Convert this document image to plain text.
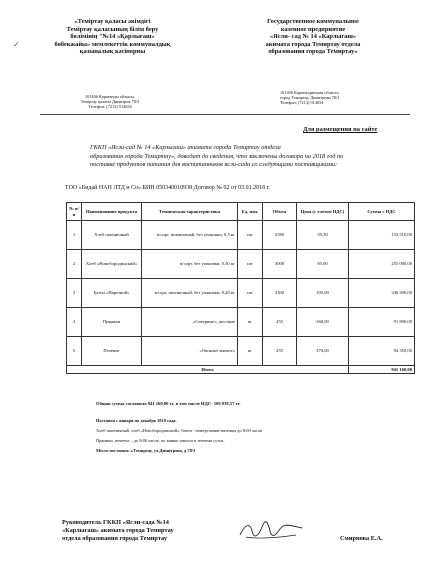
«Теміртау қаласы әкімдігі
Теміртау қаласының білім беру
бөлімінің "№14 «Қарлығаш»
бөбекжайы» мемлекеттік коммуналдық
қазыналық кәсіпорны
Государственное коммунальное
казенное предприятие
«Ясли- сад № 14 «Карлыгаш»
акимата города Темиртау отдела
образования города Темиртау»
✓
101406 Қарағанды облысы,
Теміртау қаласы Димитров 78/3
Телефон: (7213) 914654
101406 Карагандинская область,
город Темиртау, Димитрова 78/3
Телефон: (7213) 914654
Для размещения на сайте
ГККП «Ясли-сад № 14 «Карлыгаш» акимата города Темиртау отдела
образования города Темиртау», доводит до сведения, что заключены договора на 2018 год по
поставке продуктов питания для воспитанников ясли-сада со следующими поставщиками:
ТОО «Бидай НАН ЛТД и Со» БИН 050340010938 Договор № 02 от 03.01.2018 г.
№ п/п	Наименование продукта	Техническая характеристика	Ед. изм.	Объем	Цена (с учетом НДС)	Сумма с НДС
1	Хлеб пшеничный	в/сорт, пшеничный, без упаковки, 0,5 кг	шт	2580	59,50	153 510,00
2	Хлеб «Новобородинский»	в/сорт, без упаковки, 0,50 кг	шт	3000	85,00	255 000,00
3	Батон «Нарезной»	в/сорт, пшеничный, без упаковки, 0,40 кг	шт	3300	105,00	346 500,00
4	Пряники	«Северные», весовые	кг	255	360,00	91 800,00
5	Печенье	«Овсяное мягкое»	кг	255	370,00	94 350,00
Итого						941 160,00
Общая сумма составила 941 160,00 тг, в том числе НДС- 100 838,57 тг.
Поставка с января по декабрь 2018 года.
Хлеб пшеничный, хлеб «Новобородинский», батон - понедельник-пятница до 8:00 часов
Пряники, печенье – до 8:00 часов, по заявке завхоза в течении суток.
Место поставки: г.Темиртау, ул.Димитрова, д.78/3
Руководитель ГККП «Ясли-сада №14
«Карлыгаш» акимата города Темиртау
отдела образования города Темиртау	Смирнова Е.А.
